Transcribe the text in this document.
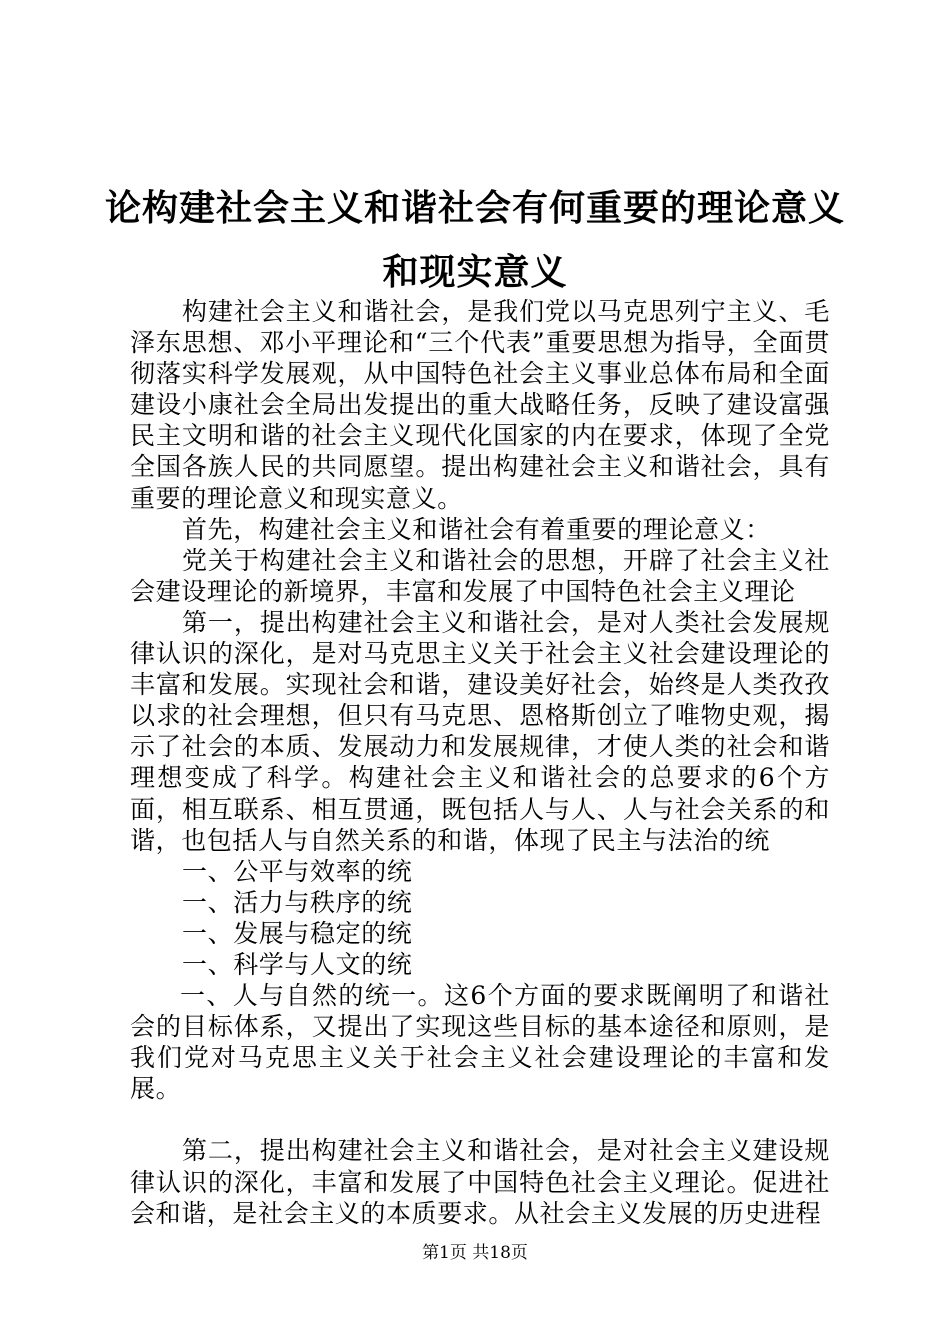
论构建社会主义和谐社会有何重要的理论意义
和现实意义

构建社会主义和谐社会，是我们党以马克思列宁主义、毛泽东思想、邓小平理论和“三个代表”重要思想为指导，全面贯彻落实科学发展观，从中国特色社会主义事业总体布局和全面建设小康社会全局出发提出的重大战略任务，反映了建设富强民主文明和谐的社会主义现代化国家的内在要求，体现了全党全国各族人民的共同愿望。提出构建社会主义和谐社会，具有重要的理论意义和现实意义。

首先，构建社会主义和谐社会有着重要的理论意义：

党关于构建社会主义和谐社会的思想，开辟了社会主义社会建设理论的新境界，丰富和发展了中国特色社会主义理论

第一，提出构建社会主义和谐社会，是对人类社会发展规律认识的深化，是对马克思主义关于社会主义社会建设理论的丰富和发展。实现社会和谐，建设美好社会，始终是人类孜孜以求的社会理想，但只有马克思、恩格斯创立了唯物史观，揭示了社会的本质、发展动力和发展规律，才使人类的社会和谐理想变成了科学。构建社会主义和谐社会的总要求的6个方面，相互联系、相互贯通，既包括人与人、人与社会关系的和谐，也包括人与自然关系的和谐，体现了民主与法治的统

一、公平与效率的统

一、活力与秩序的统

一、发展与稳定的统

一、科学与人文的统

一、人与自然的统一。这6个方面的要求既阐明了和谐社会的目标体系，又提出了实现这些目标的基本途径和原则，是我们党对马克思主义关于社会主义社会建设理论的丰富和发展。

第二，提出构建社会主义和谐社会，是对社会主义建设规律认识的深化，丰富和发展了中国特色社会主义理论。促进社会和谐，是社会主义的本质要求。从社会主义发展的历史进程

第1页 共18页
